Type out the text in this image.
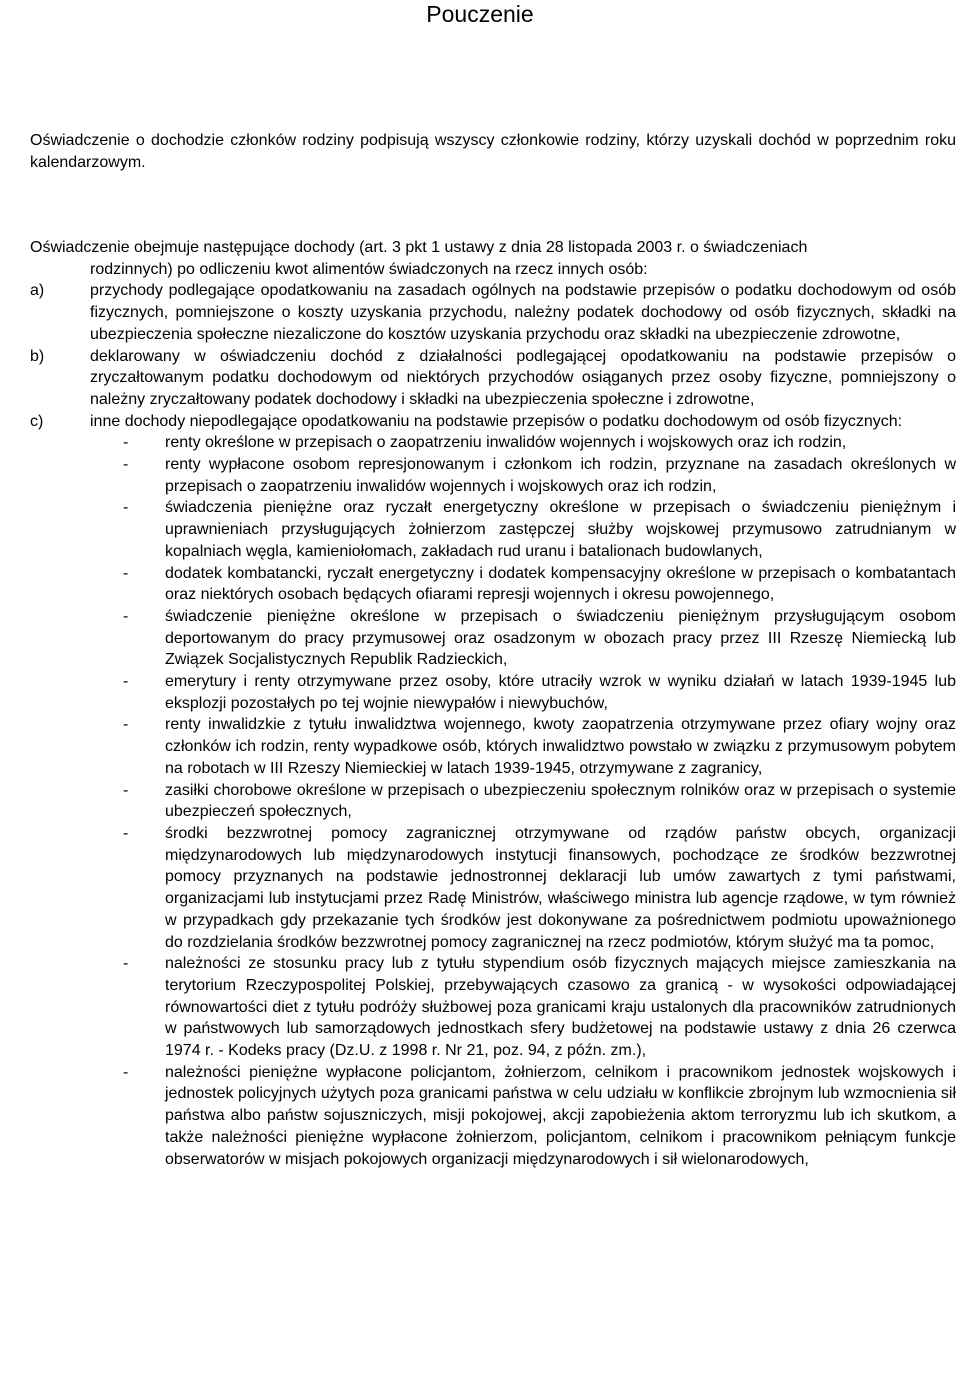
Pouczenie

Oświadczenie o dochodzie członków rodziny podpisują wszyscy członkowie rodziny, którzy uzyskali dochód w poprzednim roku kalendarzowym.

Oświadczenie obejmuje następujące dochody (art. 3 pkt 1 ustawy z dnia 28 listopada 2003 r. o świadczeniach
rodzinnych) po odliczeniu kwot alimentów świadczonych na rzecz innych osób:
a)	przychody podlegające opodatkowaniu na zasadach ogólnych na podstawie przepisów o podatku dochodowym od osób fizycznych, pomniejszone o koszty uzyskania przychodu, należny podatek dochodowy od osób fizycznych, składki na ubezpieczenia społeczne niezaliczone do kosztów uzyskania przychodu oraz składki na ubezpieczenie zdrowotne,
b)	deklarowany w oświadczeniu dochód z działalności podlegającej opodatkowaniu na podstawie przepisów o zryczałtowanym podatku dochodowym od niektórych przychodów osiąganych przez osoby fizyczne, pomniejszony o należny zryczałtowany podatek dochodowy i składki na ubezpieczenia społeczne i zdrowotne,
c)	inne dochody niepodlegające opodatkowaniu na podstawie przepisów o podatku dochodowym od osób fizycznych:
- renty określone w przepisach o zaopatrzeniu inwalidów wojennych i wojskowych oraz ich rodzin,
- renty wypłacone osobom represjonowanym i członkom ich rodzin, przyznane na zasadach określonych w przepisach o zaopatrzeniu inwalidów wojennych i wojskowych oraz ich rodzin,
- świadczenia pieniężne oraz ryczałt energetyczny określone w przepisach o świadczeniu pieniężnym i uprawnieniach przysługujących żołnierzom zastępczej służby wojskowej przymusowo zatrudnianym w kopalniach węgla, kamieniołomach, zakładach rud uranu i batalionach budowlanych,
- dodatek kombatancki, ryczałt energetyczny i dodatek kompensacyjny określone w przepisach o kombatantach oraz niektórych osobach będących ofiarami represji wojennych i okresu powojennego,
- świadczenie pieniężne określone w przepisach o świadczeniu pieniężnym przysługującym osobom deportowanym do pracy przymusowej oraz osadzonym w obozach pracy przez III Rzeszę Niemiecką lub Związek Socjalistycznych Republik Radzieckich,
- emerytury i renty otrzymywane przez osoby, które utraciły wzrok w wyniku działań w latach 1939-1945 lub eksplozji pozostałych po tej wojnie niewypałów i niewybuchów,
- renty inwalidzkie z tytułu inwalidztwa wojennego, kwoty zaopatrzenia otrzymywane przez ofiary wojny oraz członków ich rodzin, renty wypadkowe osób, których inwalidztwo powstało w związku z przymusowym pobytem na robotach w III Rzeszy Niemieckiej w latach 1939-1945, otrzymywane z zagranicy,
- zasiłki chorobowe określone w przepisach o ubezpieczeniu społecznym rolników oraz w przepisach o systemie ubezpieczeń społecznych,
- środki bezzwrotnej pomocy zagranicznej otrzymywane od rządów państw obcych, organizacji międzynarodowych lub międzynarodowych instytucji finansowych, pochodzące ze środków bezzwrotnej pomocy przyznanych na podstawie jednostronnej deklaracji lub umów zawartych z tymi państwami, organizacjami lub instytucjami przez Radę Ministrów, właściwego ministra lub agencje rządowe, w tym również w przypadkach gdy przekazanie tych środków jest dokonywane za pośrednictwem podmiotu upoważnionego do rozdzielania środków bezzwrotnej pomocy zagranicznej na rzecz podmiotów, którym służyć ma ta pomoc,
- należności ze stosunku pracy lub z tytułu stypendium osób fizycznych mających miejsce zamieszkania na terytorium Rzeczypospolitej Polskiej, przebywających czasowo za granicą - w wysokości odpowiadającej równowartości diet z tytułu podróży służbowej poza granicami kraju ustalonych dla pracowników zatrudnionych w państwowych lub samorządowych jednostkach sfery budżetowej na podstawie ustawy z dnia 26 czerwca 1974 r. - Kodeks pracy (Dz.U. z 1998 r. Nr 21, poz. 94, z późn. zm.),
- należności pieniężne wypłacone policjantom, żołnierzom, celnikom i pracownikom jednostek wojskowych i jednostek policyjnych użytych poza granicami państwa w celu udziału w konflikcie zbrojnym lub wzmocnienia sił państwa albo państw sojuszniczych, misji pokojowej, akcji zapobieżenia aktom terroryzmu lub ich skutkom, a także należności pieniężne wypłacone żołnierzom, policjantom, celnikom i pracownikom pełniącym funkcje obserwatorów w misjach pokojowych organizacji międzynarodowych i sił wielonarodowych,
